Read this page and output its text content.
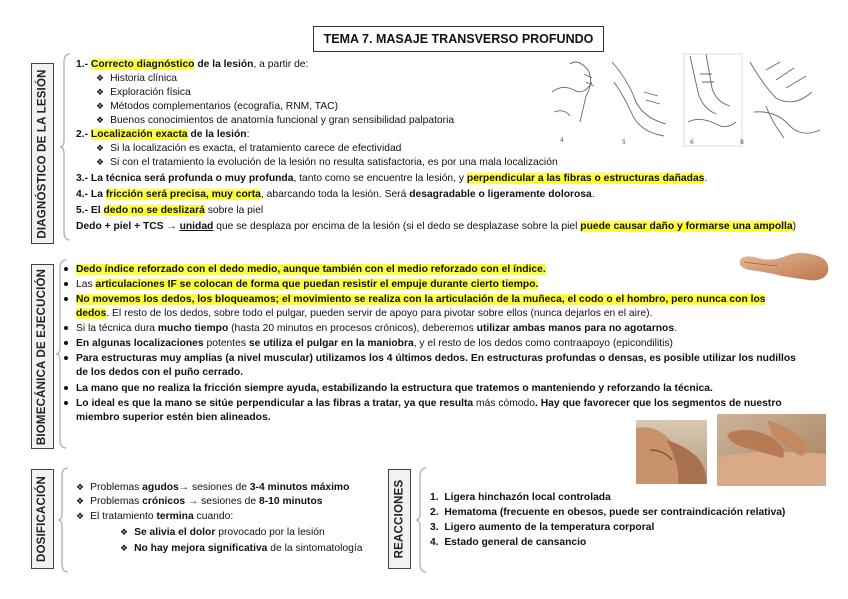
TEMA 7. MASAJE TRANSVERSO PROFUNDO
DIAGNÓSTICO DE LA LESIÓN
BIOMECÁNICA DE EJECUCIÓN
DOSIFICACIÓN	REACCIONES
1.- Correcto diagnóstico de la lesión, a partir de:
❖ Historia clínica
❖ Exploración física
❖ Métodos complementarios (ecografía, RNM, TAC)
❖ Buenos conocimientos de anatomía funcional y gran sensibilidad palpatoria
2.- Localización exacta de la lesión:
❖ Si la localización es exacta, el tratamiento carece de efectividad
❖ Si con el tratamiento la evolución de la lesión no resulta satisfactoria, es por una mala localización
3.- La técnica será profunda o muy profunda, tanto como se encuentre la lesión, y perpendicular a las fibras o estructuras dañadas.
4.- La fricción será precisa, muy corta, abarcando toda la lesión. Será desagradable o ligeramente dolorosa.
5.- El dedo no se deslizará sobre la piel
Dedo + piel + TCS → unidad que se desplaza por encima de la lesión (si el dedo se desplazase sobre la piel puede causar daño y formarse una ampolla)
4	5	6	8
Dedo índice reforzado con el dedo medio, aunque también con el medio reforzado con el índice.
Las articulaciones IF se colocan de forma que puedan resistir el empuje durante cierto tiempo.
No movemos los dedos, los bloqueamos; el movimiento se realiza con la articulación de la muñeca, el codo o el hombro, pero nunca con los
dedos. El resto de los dedos, sobre todo el pulgar, pueden servir de apoyo para pivotar sobre ellos (nunca dejarlos en el aire).
Si la técnica dura mucho tiempo (hasta 20 minutos en procesos crónicos), deberemos utilizar ambas manos para no agotarnos.
En algunas localizaciones potentes se utiliza el pulgar en la maniobra, y el resto de los dedos como contraapoyo (epicondilitis)
Para estructuras muy amplias (a nivel muscular) utilizamos los 4 últimos dedos. En estructuras profundas o densas, es posible utilizar los nudillos
de los dedos con el puño cerrado.
La mano que no realiza la fricción siempre ayuda, estabilizando la estructura que tratemos o manteniendo y reforzando la técnica.
Lo ideal es que la mano se sitúe perpendicular a las fibras a tratar, ya que resulta más cómodo. Hay que favorecer que los segmentos de nuestro
miembro superior estén bien alineados.
❖ Problemas agudos→ sesiones de 3-4 minutos máximo
❖ Problemas crónicos → sesiones de 8-10 minutos
❖ El tratamiento termina cuando:
❖ Se alivia el dolor provocado por la lesión
❖ No hay mejora significativa de la sintomatología
1.  Ligera hinchazón local controlada
2.  Hematoma (frecuente en obesos, puede ser contraindicación relativa)
3.  Ligero aumento de la temperatura corporal
4.  Estado general de cansancio
